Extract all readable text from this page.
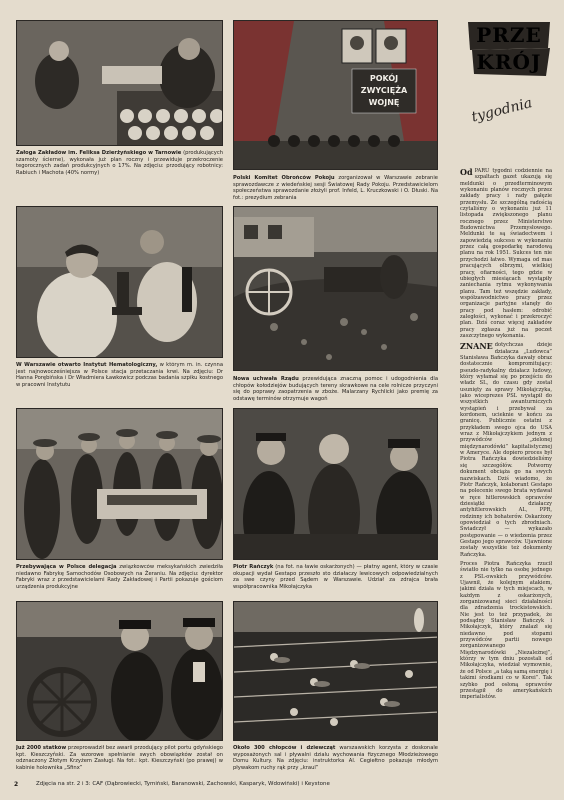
Załoga Zakładów im. Feliksa Dzierżyńskiego w Tarnowie (produkujących szamoty ścierne), wykonała już plan roczny i przewiduje przekroczenie tegorocznych zadań produkcyjnych o 17%. Na zdjęciu: przodujący robotnicy: Rabiuch i Machota (40% normy)
POKÓJ
ZWYCIĘŻA
WOJNĘ
Polski Komitet Obrońców Pokoju zorganizował w Warszawie zebranie sprawozdawcze z wiedeńskiej sesji Światowej Rady Pokoju. Przedstawicielom społeczeństwa sprawozdanie złożyli prof. Infeld, L. Kruczkowski i O. Dłuski. Na fot.: prezydium zebrania
W Warszawie otwarto Instytut Hematologiczny, w którym m. in. czynna jest najnowocześniejsza w Polsce stacja przetaczania krwi. Na zdjęciu: Dr Hanna Porębińska i Dr Władmiera Ławkowicz podczas badania szpiku kostnego w pracowni Instytutu
Nowa uchwała Rządu przewidująca znaczną pomoc i udogodnienia dla chłopów kołodziejów budujących tereny skrawkowe na cele rolnicze przyczyni się do poprawy zaopatrzenia w zboże. Malarzany Rychlicki jako premię za odstawę terminów otrzymuje wagoń
Przebywająca w Polsce delegacja związkowców meksykańskich zwiedziła niedawno Fabrykę Samochodów Osobowych na Żeraniu. Na zdjęciu: dyrektor Fabryki wraz z przedstawicielami Rady Zakładowej i Partii pokazuje gościom urządzenia produkcyjne
Piotr Rańczyk (na fot. na ławie oskarżonych) — płatny agent, który w czasie okupacji wydał Gestapo przeszło sto działaczy lewicowych odpowiedzialnych za swe czyny przed Sądem w Warszawie. Udział za zdrajca brała współpracownika Mikołajczyka
Już 2000 statków przeprowadził bez awarii przodujący pilot portu gdyńskiego kpt. Kieszczyński. Za wzorowe spełnianie swych obowiązków został on odznaczony Złotym Krzyżem Zasługi. Na fot.: kpt. Kieszczyński (po prawej) w kabinie holownika „Sfinx”
Około 300 chłopców i dziewcząt warszawskich korzysta z doskonale wyposażonych sal i pływalni dzialu wychowania fizycznego Młodzieżowego Domu Kultury. Na zdjęciu: instruktorka Al. Cegiełtno pokazuje młodym pływakom ruchy rąk przy „kraul”
PRZE
KRÓJ
tygodnia

Od PARU tygodni codziennie na szpaltach gazet ukazują się meldunki o przedterminowym wykonaniu planów rocznych przez zakłady pracy i rady gałęzie przemysłu. Ze szczególną radością czytaliśmy o wykonaniu już 11 listopada zwiększonego planu rocznego przez Ministerstwo Budownictwa Przemysłowego. Meldunki te są świadectwem i zapowiedzią sukcesu w wykonaniu przez całą gospodarkę narodową planu na rok 1951. Sukces ten nie przychodzi łatwo. Wymaga od mas pracujących olbrzymi, wielkiej pracy, ofiarności, tego gdzie w ubiegłych miesiącach wystąpiły zaniechania rytmu wykonywania planu. Tam też wszędzie zakłady, współzawodnictwo pracy przez organizacje partyjne stanęły do pracy pod hasłem: odrobić zaległości, wykonać i przekroczyć plan. Dziś coraz więcej zakładów pracy zgłasza już na poczet zaszczytnego wykonania.

ZNANE dotychczas dzieje działacza „Ludowca” Stanisława Bańczyka dawały obraz dostatecznie kompromitujący: pseudo-radykalny działacz ludowy, który wyłamał się po przejściu do władz SL, do czasu gdy został usunięty za sprawy Mikołajczyka, jako wiceprezes PSL wystąpił do wszystkich awanturniczych wystąpień i przebywał za kordonem, ucieknie w końcu za granicę. Publicznie ostatni z przykładem swego ojca do USA wraz z Mikołajczykiem jednym z przywódców „zielonej międzynarodówki” kapitalistycznej w Ameryce. Ale dopiero proces był Piotra Rańczyka dowiedzieliśmy się szczegółów. Potworny dokument obciąża go na swych nazwiskach. Dziś wiadomo, że Piotr Rańczyk, kolaborant Gestapo na polecenie swego brata wydawał w ręce hitlerowskich oprawców dziesiątki działaczy antyhitlerowskich AL, PPR, rodzinny ich bohaterów. Oskarżony opowiedział o tych zbrodniach. Świadczył — wykazało postępowanie — o wiedzenia przez Gestapo jego sprawców. Ujawnione zostały wszystkie też dokumenty Rańczyka.

Proces Piotra Rańczyka rzucił światło nie tylko na osobę jednego z PSL-owskich przywódców. Ujawnił, że kolejnym atakiem, jakimi działa w tych miejscach, w każdym z oskarżonych, zorganizowanej sieci działalności dla zdradzenia trockistowskich. Nie jest to też przypadek, że podsądny Stanisław Bańczyk i Mikołajczyk, który znalazł się niedawno pod stopami przywódców partii nowego zorganizowanego Międzynarodówki „Niezależnej”, którzy w tym dniu pozostali od Mikołajczyka, wiedział wymownie, że od Polsce „a taką samą energię i takimi środkami co w Korei”. Tak szybko pod osłoną oprawców przestąpił do amerykańskich imperialistów.

2	Zdjęcia na str. 2 i 3: CAF (Dąbrowiecki, Tymiński, Baranowski, Zachowski, Kasparyk, Wdowiński) i Keystone
